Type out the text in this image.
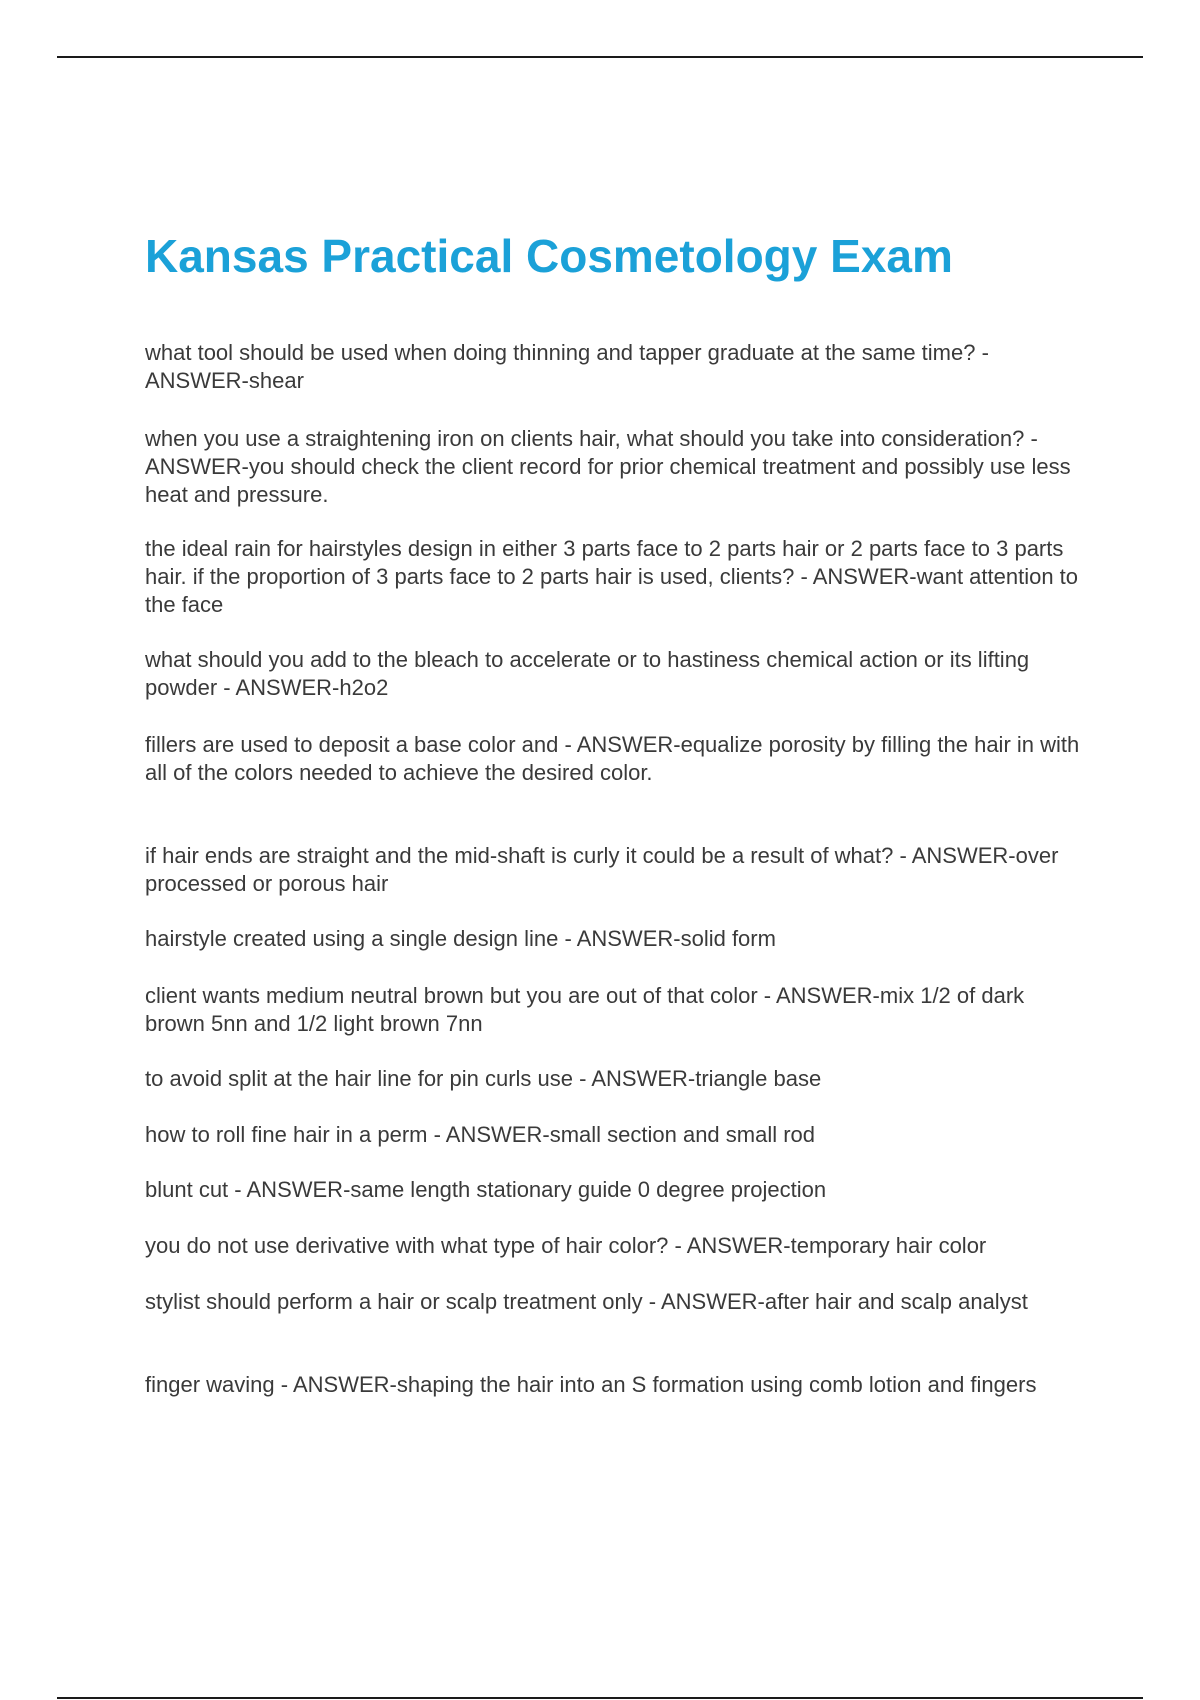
Kansas Practical Cosmetology Exam

what tool should be used when doing thinning and tapper graduate at the same time? - ANSWER-shear

when you use a straightening iron on clients hair, what should you take into consideration? - ANSWER-you should check the client record for prior chemical treatment and possibly use less heat and pressure.

the ideal rain for hairstyles design in either 3 parts face to 2 parts hair or 2 parts face to 3 parts hair. if the proportion of 3 parts face to 2 parts hair is used, clients? - ANSWER-want attention to the face

what should you add to the bleach to accelerate or to hastiness chemical action or its lifting powder - ANSWER-h2o2

fillers are used to deposit a base color and - ANSWER-equalize porosity by filling the hair in with all of the colors needed to achieve the desired color.

if hair ends are straight and the mid-shaft is curly it could be a result of what? - ANSWER-over processed or porous hair

hairstyle created using a single design line - ANSWER-solid form

client wants medium neutral brown but you are out of that color - ANSWER-mix 1/2 of dark brown 5nn and 1/2 light brown 7nn

to avoid split at the hair line for pin curls use - ANSWER-triangle base

how to roll fine hair in a perm - ANSWER-small section and small rod

blunt cut - ANSWER-same length stationary guide 0 degree projection

you do not use derivative with what type of hair color? - ANSWER-temporary hair color

stylist should perform a hair or scalp treatment only - ANSWER-after hair and scalp analyst

finger waving - ANSWER-shaping the hair into an S formation using comb lotion and fingers
